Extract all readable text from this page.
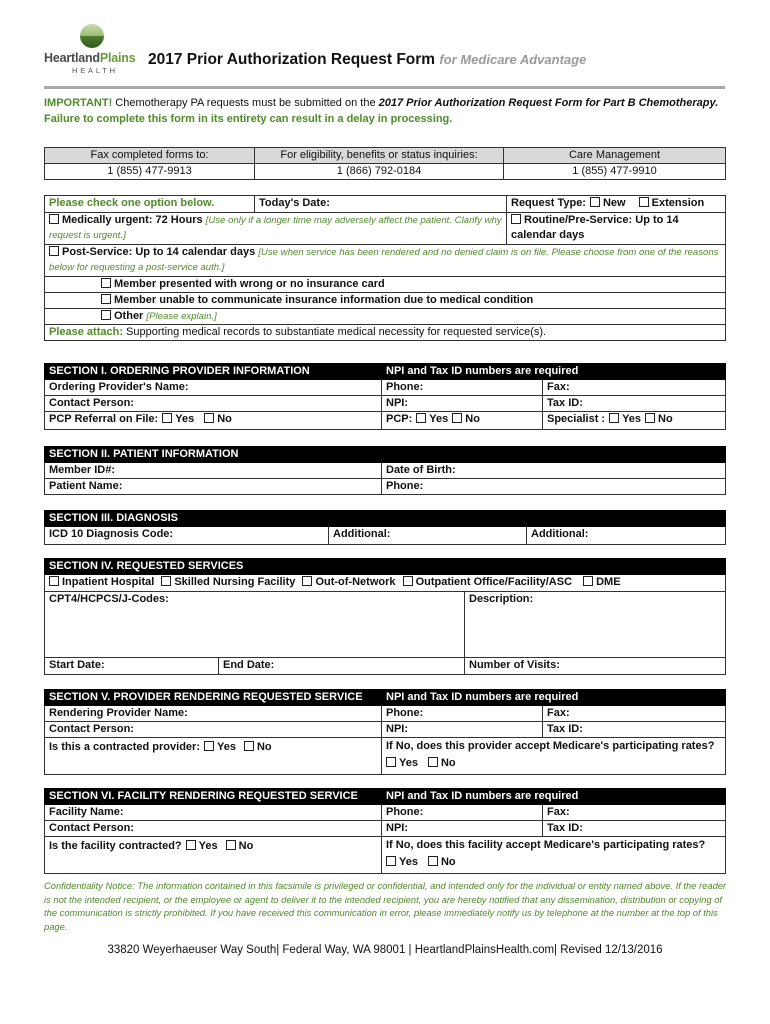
HeartlandPlains
HEALTH
2017 Prior Authorization Request Form for Medicare Advantage
IMPORTANT! Chemotherapy PA requests must be submitted on the 2017 Prior Authorization Request Form for Part B Chemotherapy. Failure to complete this form in its entirety can result in a delay in processing.
Fax completed forms to:	For eligibility, benefits or status inquiries:	Care Management
1 (855) 477-9913	1 (866) 792-0184	1 (855) 477-9910
Please check one option below.	Today's Date:	Request Type: New Extension
Medically urgent: 72 Hours [Use only if a longer time may adversely affect the patient. Clarify why request is urgent.]		Routine/Pre-Service: Up to 14 calendar days
Post-Service: Up to 14 calendar days [Use when service has been rendered and no denied claim is on file. Please choose from one of the reasons below for requesting a post-service auth.]		
Member presented with wrong or no insurance card		
Member unable to communicate insurance information due to medical condition		
Other [Please explain.]		
Please attach: Supporting medical records to substantiate medical necessity for requested service(s).		
SECTION I. ORDERING PROVIDER INFORMATION	NPI and Tax ID numbers are required	
Ordering Provider's Name:	Phone:	Fax:
Contact Person:	NPI:	Tax ID:
PCP Referral on File: Yes No	PCP: Yes No	Specialist : Yes No
SECTION II. PATIENT INFORMATION	
Member ID#:	Date of Birth:
Patient Name:	Phone:
SECTION III. DIAGNOSIS
ICD 10 Diagnosis Code:	Additional:	Additional:
SECTION IV. REQUESTED SERVICES		
Inpatient Hospital Skilled Nursing Facility Out-of-Network Outpatient Office/Facility/ASC DME		
CPT4/HCPCS/J-Codes:		Description:
Start Date:	End Date:	Number of Visits:
SECTION V. PROVIDER RENDERING REQUESTED SERVICE	NPI and Tax ID numbers are required	
Rendering Provider Name:	Phone:	Fax:
Contact Person:	NPI:	Tax ID:
Is this a contracted provider: Yes No	If No, does this provider accept Medicare's participating rates?
Yes No	
SECTION VI. FACILITY RENDERING REQUESTED SERVICE	NPI and Tax ID numbers are required	
Facility Name:	Phone:	Fax:
Contact Person:	NPI:	Tax ID:
Is the facility contracted? Yes No	If No, does this facility accept Medicare's participating rates?
Yes No	
Confidentiality Notice: The information contained in this facsimile is privileged or confidential, and intended only for the individual or entity named above. If the reader is not the intended recipient, or the employee or agent to deliver it to the intended recipient, you are hereby notified that any dissemination, distribution or copying of the communication is strictly prohibited. If you have received this communication in error, please immediately notify us by telephone at the number at the top of this page.
33820 Weyerhaeuser Way South| Federal Way, WA 98001 | HeartlandPlainsHealth.com| Revised 12/13/2016
